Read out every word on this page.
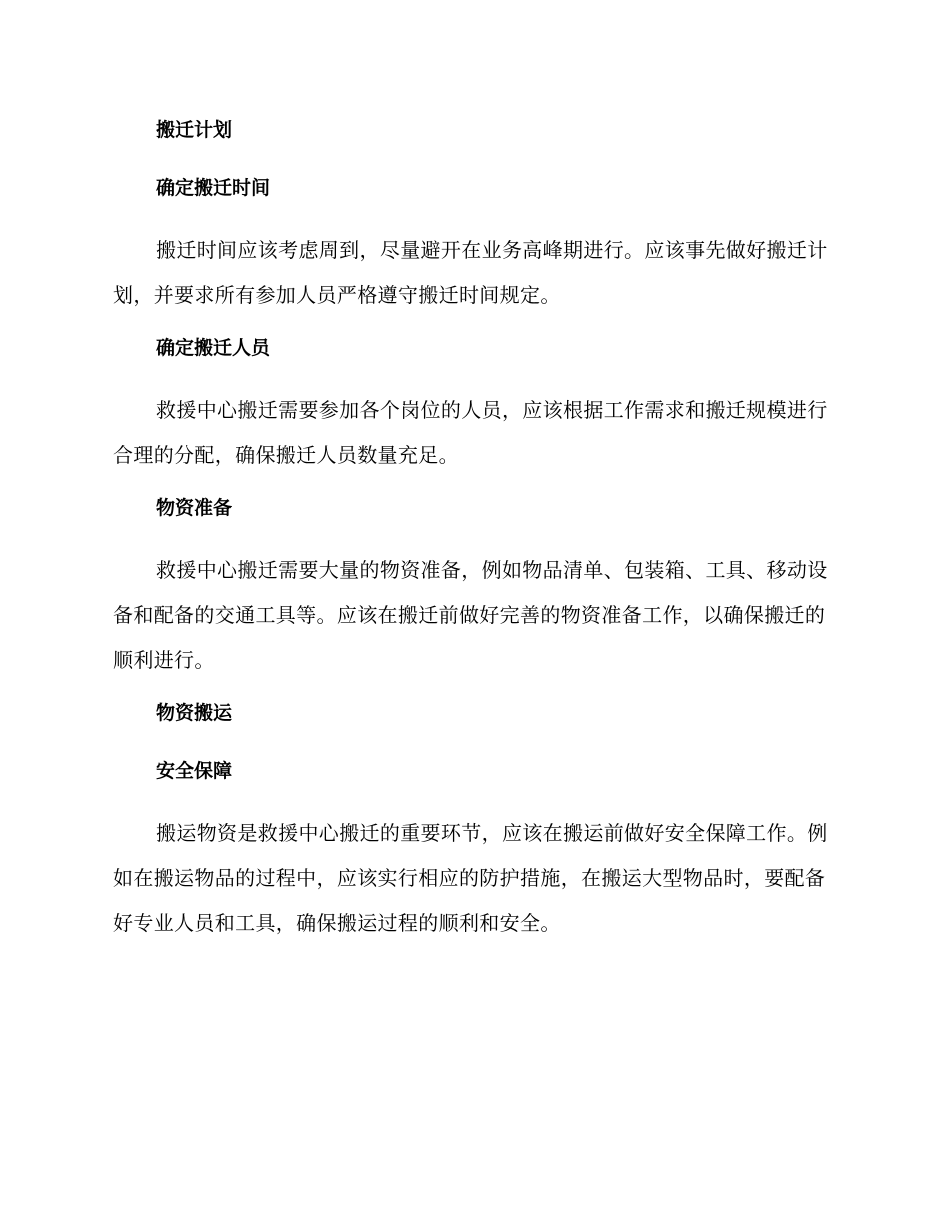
搬迁计划
确定搬迁时间

搬迁时间应该考虑周到，尽量避开在业务高峰期进行。应该事先做好搬迁计划，并要求所有参加人员严格遵守搬迁时间规定。

确定搬迁人员

救援中心搬迁需要参加各个岗位的人员，应该根据工作需求和搬迁规模进行合理的分配，确保搬迁人员数量充足。

物资准备

救援中心搬迁需要大量的物资准备，例如物品清单、包装箱、工具、移动设备和配备的交通工具等。应该在搬迁前做好完善的物资准备工作，以确保搬迁的顺利进行。

物资搬运
安全保障

搬运物资是救援中心搬迁的重要环节，应该在搬运前做好安全保障工作。例如在搬运物品的过程中，应该实行相应的防护措施，在搬运大型物品时，要配备好专业人员和工具，确保搬运过程的顺利和安全。
